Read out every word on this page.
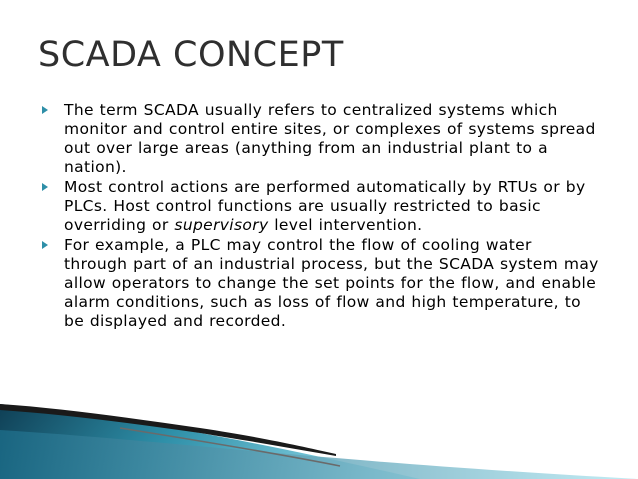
SCADA CONCEPT
The term SCADA usually refers to centralized systems which monitor and control entire sites, or complexes of systems spread out over large areas (anything from an industrial plant to a nation).
Most control actions are performed automatically by RTUs or by PLCs. Host control functions are usually restricted to basic overriding or supervisory level intervention.
For example, a PLC may control the flow of cooling water through part of an industrial process, but the SCADA system may allow operators to change the set points for the flow, and enable alarm conditions, such as loss of flow and high temperature, to be displayed and recorded.
